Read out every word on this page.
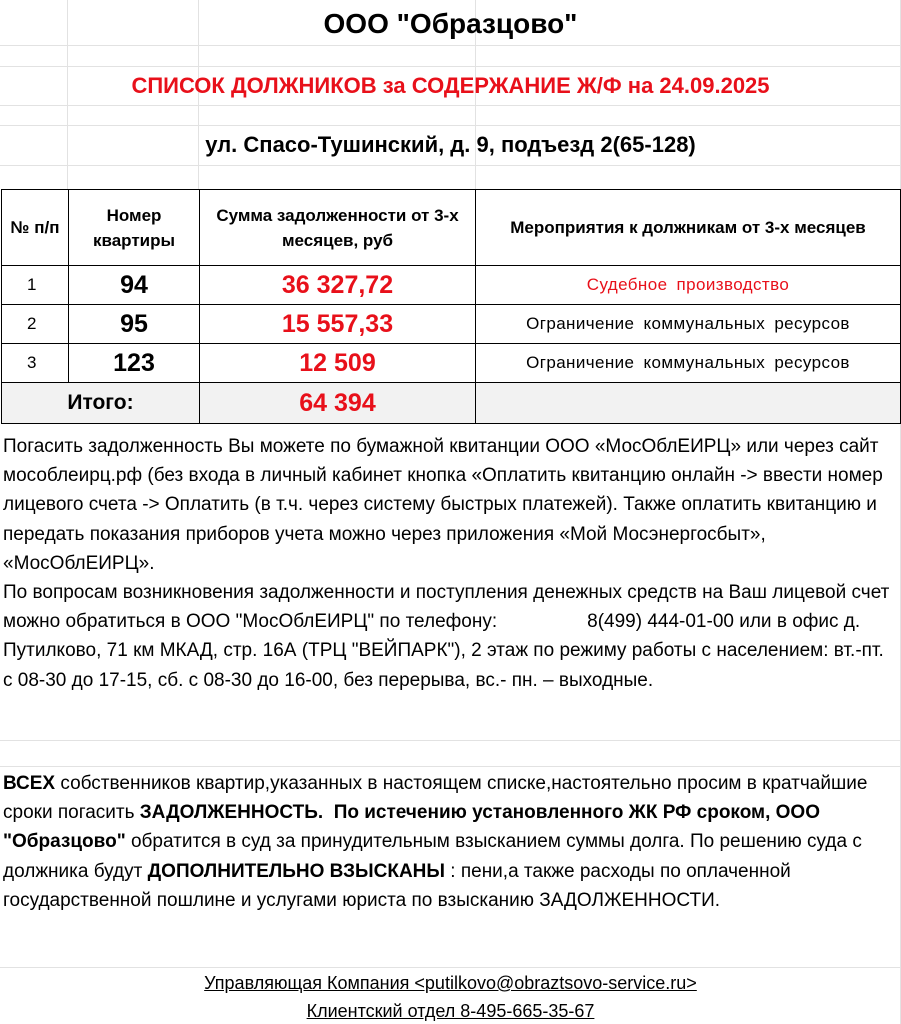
ООО "Образцово"
СПИСОК ДОЛЖНИКОВ за СОДЕРЖАНИЕ Ж/Ф на 24.09.2025
ул. Спасо-Тушинский, д. 9, подъезд 2(65-128)
№ п/п	Номер квартиры	Сумма задолженности от 3-х месяцев, руб	Мероприятия к должникам от 3-х месяцев
1	94	36 327,72	Судебное производство
2	95	15 557,33	Ограничение коммунальных ресурсов
3	123	12 509	Ограничение коммунальных ресурсов
Итого:		64 394	
Погасить задолженность Вы можете по бумажной квитанции ООО «МосОблЕИРЦ» или через сайт мособлеирц.рф (без входа в личный кабинет кнопка «Оплатить квитанцию онлайн -> ввести номер лицевого счета -> Оплатить (в т.ч. через систему быстрых платежей). Также оплатить квитанцию и передать показания приборов учета можно через приложения «Мой Мосэнергосбыт», «МосОблЕИРЦ».
По вопросам возникновения задолженности и поступления денежных средств на Ваш лицевой счет можно обратиться в ООО "МосОблЕИРЦ" по телефону:	8(499) 444-01-00 или в офис д. Путилково, 71 км МКАД, стр. 16А (ТРЦ "ВЕЙПАРК"), 2 этаж по режиму работы с населением: вт.-пт. с 08-30 до 17-15, сб. с 08-30 до 16-00, без перерыва, вс.- пн. – выходные.
ВСЕХ собственников квартир,указанных в настоящем списке,настоятельно просим в кратчайшие сроки погасить ЗАДОЛЖЕННОСТЬ. По истечению установленного ЖК РФ сроком, ООО "Образцово" обратится в суд за принудительным взысканием суммы долга. По решению суда с должника будут ДОПОЛНИТЕЛЬНО ВЗЫСКАНЫ : пени,а также расходы по оплаченной государственной пошлине и услугами юриста по взысканию ЗАДОЛЖЕННОСТИ.
Управляющая Компания <putilkovo@obraztsovo-service.ru>
Клиентский отдел 8-495-665-35-67
